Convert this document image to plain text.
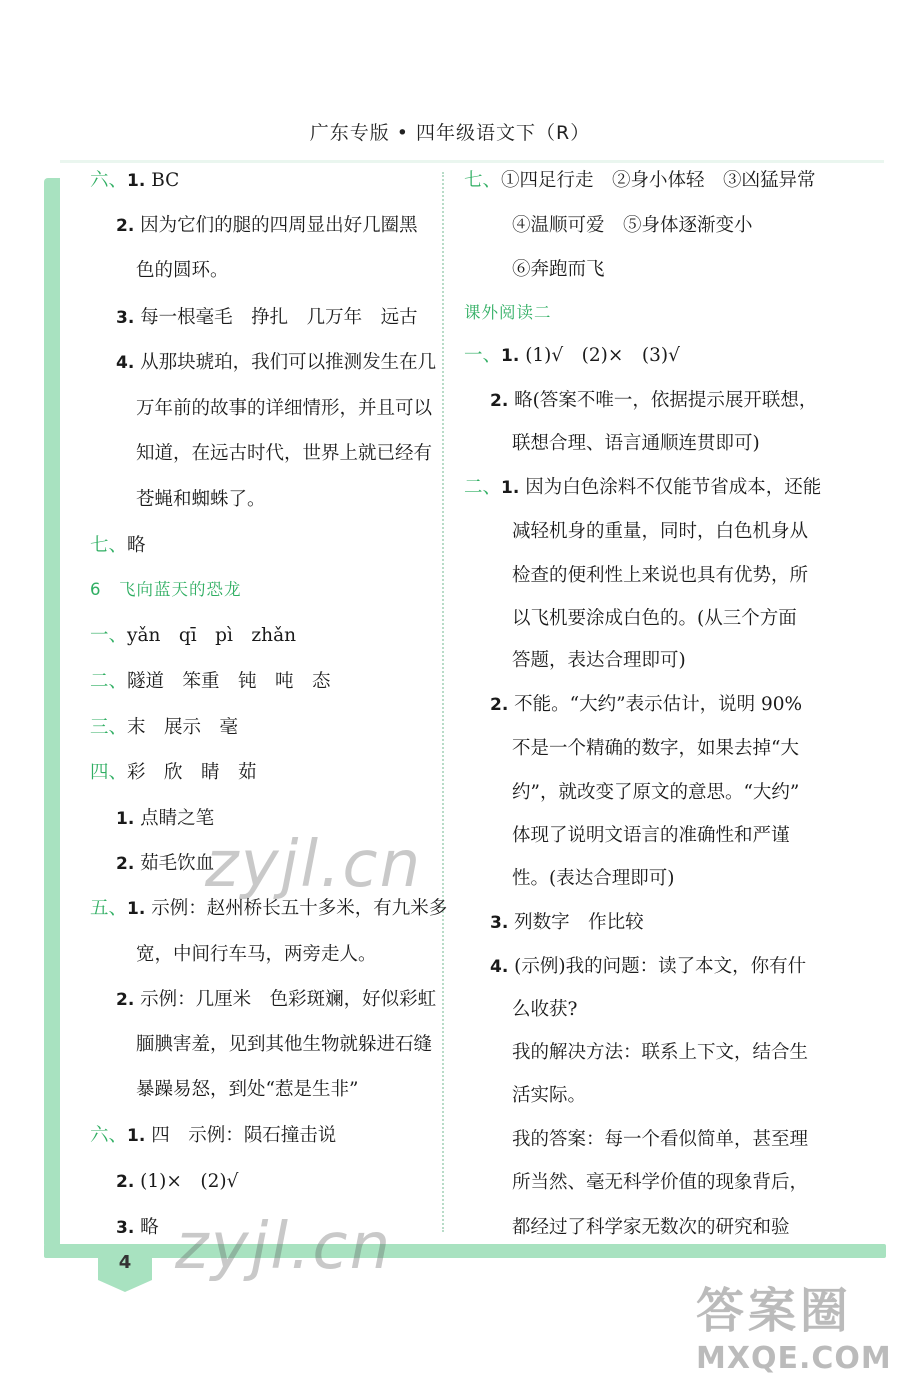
广东专版 • 四年级语文下（R）
六、1. BC
2. 因为它们的腿的四周显出好几圈黑
色的圆环。
3. 每一根毫毛　挣扎　几万年　远古
4. 从那块琥珀，我们可以推测发生在几
万年前的故事的详细情形，并且可以
知道，在远古时代，世界上就已经有
苍蝇和蜘蛛了。
七、略
6　飞向蓝天的恐龙
一、yǎn　qī　pì　zhǎn
二、隧道　笨重　钝　吨　态
三、末　展示　毫
四、彩　欣　睛　茹
1. 点睛之笔
2. 茹毛饮血
五、1. 示例：赵州桥长五十多米，有九米多
宽，中间行车马，两旁走人。
2. 示例：几厘米　色彩斑斓，好似彩虹
腼腆害羞，见到其他生物就躲进石缝
暴躁易怒，到处“惹是生非”
六、1. 四　示例：陨石撞击说
2. (1)×　(2)√
3. 略
七、①四足行走　②身小体轻　③凶猛异常
④温顺可爱　⑤身体逐渐变小
⑥奔跑而飞
课外阅读二
一、1. (1)√　(2)×　(3)√
2. 略(答案不唯一，依据提示展开联想，
联想合理、语言通顺连贯即可)
二、1. 因为白色涂料不仅能节省成本，还能
减轻机身的重量，同时，白色机身从
检查的便利性上来说也具有优势，所
以飞机要涂成白色的。(从三个方面
答题，表达合理即可)
2. 不能。“大约”表示估计，说明 90%
不是一个精确的数字，如果去掉“大
约”，就改变了原文的意思。“大约”
体现了说明文语言的准确性和严谨
性。(表达合理即可)
3. 列数字　作比较
4. (示例)我的问题：读了本文，你有什
么收获?
我的解决方法：联系上下文，结合生
活实际。
我的答案：每一个看似简单，甚至理
所当然、毫无科学价值的现象背后，
都经过了科学家无数次的研究和验
4
zyjl.cn
zyjl.cn
答案圈
MXQE.COM
